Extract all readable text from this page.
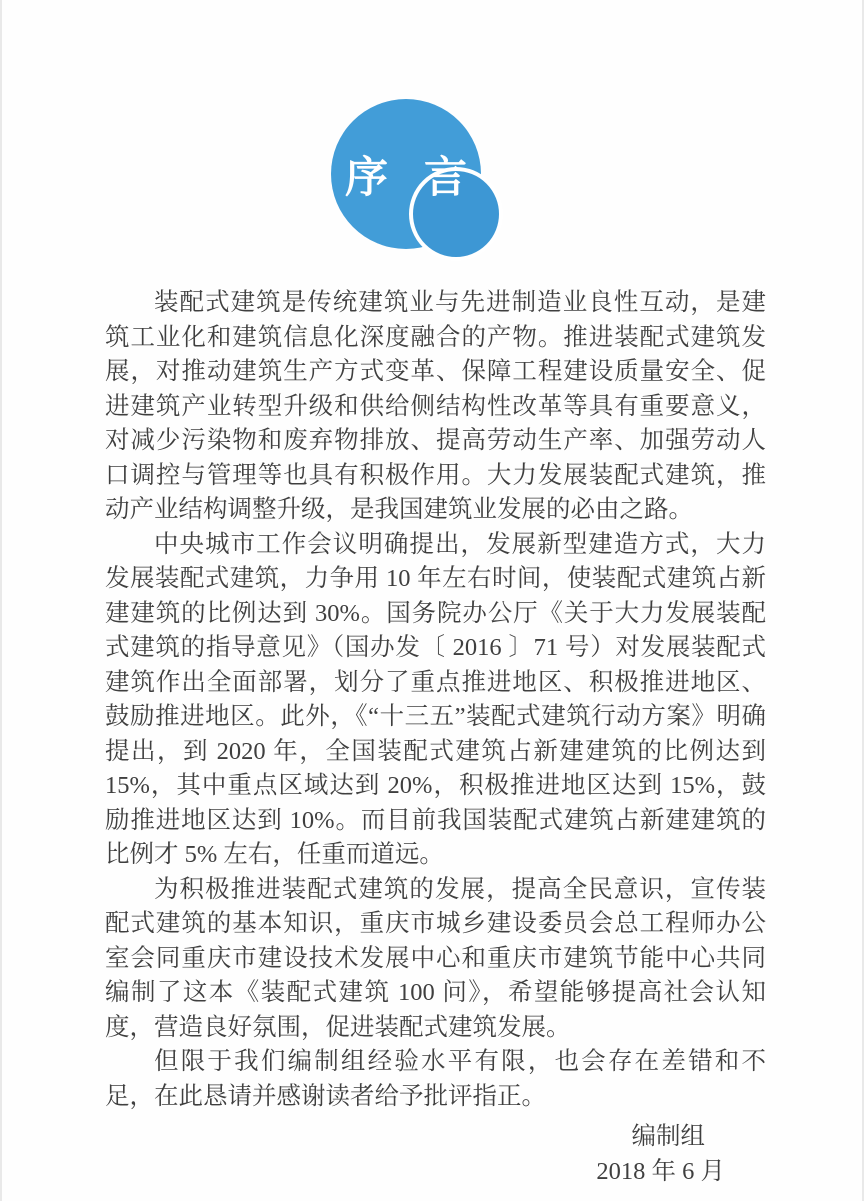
序 言

装配式建筑是传统建筑业与先进制造业良性互动，是建筑工业化和建筑信息化深度融合的产物。推进装配式建筑发展，对推动建筑生产方式变革、保障工程建设质量安全、促进建筑产业转型升级和供给侧结构性改革等具有重要意义，对减少污染物和废弃物排放、提高劳动生产率、加强劳动人口调控与管理等也具有积极作用。大力发展装配式建筑，推动产业结构调整升级，是我国建筑业发展的必由之路。

中央城市工作会议明确提出，发展新型建造方式，大力发展装配式建筑，力争用 10 年左右时间，使装配式建筑占新建建筑的比例达到 30%。国务院办公厅《关于大力发展装配式建筑的指导意见》（国办发〔 2016 〕71 号）对发展装配式建筑作出全面部署，划分了重点推进地区、积极推进地区、鼓励推进地区。此外，《“十三五”装配式建筑行动方案》明确提出，到 2020 年，全国装配式建筑占新建建筑的比例达到 15%，其中重点区域达到 20%，积极推进地区达到 15%，鼓励推进地区达到 10%。而目前我国装配式建筑占新建建筑的比例才 5% 左右，任重而道远。

为积极推进装配式建筑的发展，提高全民意识，宣传装配式建筑的基本知识，重庆市城乡建设委员会总工程师办公室会同重庆市建设技术发展中心和重庆市建筑节能中心共同编制了这本《装配式建筑 100 问》，希望能够提高社会认知度，营造良好氛围，促进装配式建筑发展。

但限于我们编制组经验水平有限，也会存在差错和不足，在此恳请并感谢读者给予批评指正。

编制组
2018 年 6 月
